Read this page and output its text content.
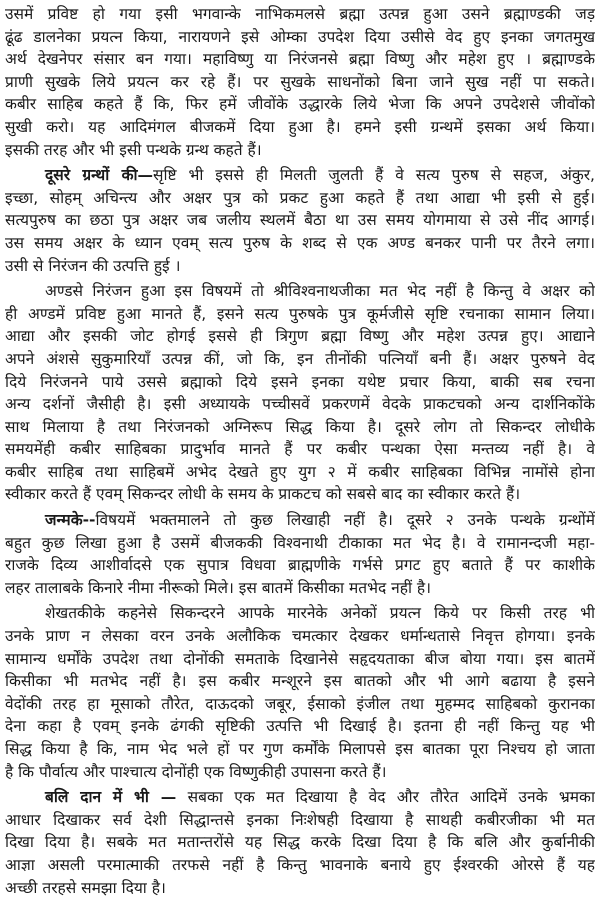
उसमें प्रविष्ट हो गया इसी भगवान्के नाभिकमलसे ब्रह्मा उत्पन्न हुआ उसने ब्रह्माण्डकी जड़
ढूंढ डालनेका प्रयत्न किया, नारायणने इसे ओम्का उपदेश दिया उसीसे वेद हुए इनका जगतमुख
अर्थ देखनेपर संसार बन गया। महाविष्णु या निरंजनसे ब्रह्मा विष्णु और महेश हुए । ब्रह्माण्डके
प्राणी सुखके लिये प्रयत्न कर रहे हैं। पर सुखके साधनोंको बिना जाने सुख नहीं पा सकते।
कबीर साहिब कहते हैं कि, फिर हमें जीवोंके उद्धारके लिये भेजा कि अपने उपदेशसे जीवोंको
सुखी करो। यह आदिमंगल बीजकमें दिया हुआ है। हमने इसी ग्रन्थमें इसका अर्थ किया।
इसकी तरह और भी इसी पन्थके ग्रन्थ कहते हैं।
दूसरे ग्रन्थों की—सृष्टि भी इससे ही मिलती जुलती हैं वे सत्य पुरुष से सहज, अंकुर,
इच्छा, सोहम् अचिन्त्य और अक्षर पुत्र को प्रकट हुआ कहते हैं तथा आद्या भी इसी से हुई।
सत्यपुरुष का छठा पुत्र अक्षर जब जलीय स्थलमें बैठा था उस समय योगमाया से उसे नींद आगई।
उस समय अक्षर के ध्यान एवम् सत्य पुरुष के शब्द से एक अण्ड बनकर पानी पर तैरने लगा।
उसी से निरंजन की उत्पत्ति हुई ।
अण्डसे निरंजन हुआ इस विषयमें तो श्रीविश्वनाथजीका मत भेद नहीं है किन्तु वे अक्षर को
ही अण्डमें प्रविष्ट हुआ मानते हैं, इसने सत्य पुरुषके पुत्र कूर्मजीसे सृष्टि रचनाका सामान लिया।
आद्या और इसकी जोट होगई इससे ही त्रिगुण ब्रह्मा विष्णु और महेश उत्पन्न हुए। आद्याने
अपने अंशसे सुकुमारियाँ उत्पन्न कीं, जो कि, इन तीनोंकी पत्नियाँ बनी हैं। अक्षर पुरुषने वेद
दिये निरंजनने पाये उससे ब्रह्माको दिये इसने इनका यथेष्ट प्रचार किया, बाकी सब रचना
अन्य दर्शनों जैसीही है। इसी अध्यायके पच्चीसवें प्रकरणमें वेदके प्राकटचको अन्य दार्शनिकोंके
साथ मिलाया है तथा निरंजनको अग्निरूप सिद्ध किया है। दूसरे लोग तो सिकन्दर लोधीके
समयमेंही कबीर साहिबका प्रादुर्भाव मानते हैं पर कबीर पन्थका ऐसा मन्तव्य नहीं है। वे
कबीर साहिब तथा साहिबमें अभेद देखते हुए युग २ में कबीर साहिबका विभिन्न नामोंसे होना
स्वीकार करते हैं एवम् सिकन्दर लोधी के समय के प्राकटच को सबसे बाद का स्वीकार करते हैं।
जन्मके--विषयमें भक्तमालने तो कुछ लिखाही नहीं है। दूसरे २ उनके पन्थके ग्रन्थोंमें
बहुत कुछ लिखा हुआ है उसमें बीजककी विश्वनाथी टीकाका मत भेद है। वे रामानन्दजी महा-
राजके दिव्य आशीर्वादसे एक सुपात्र विधवा ब्राह्मणीके गर्भसे प्रगट हुए बताते हैं पर काशीके
लहर तालाबके किनारे नीमा नीरूको मिले। इस बातमें किसीका मतभेद नहीं है।
शेखतकीके कहनेसे सिकन्दरने आपके मारनेके अनेकों प्रयत्न किये पर किसी तरह भी
उनके प्राण न लेसका वरन उनके अलौकिक चमत्कार देखकर धर्मान्धतासे निवृत्त होगया। इनके
सामान्य धर्मोंके उपदेश तथा दोनोंकी समताके दिखानेसे सहृदयताका बीज बोया गया। इस बातमें
किसीका भी मतभेद नहीं है। इस कबीर मन्शूरने इस बातको और भी आगे बढाया है इसने
वेदोंकी तरह हा मूसाको तौरेत, दाऊदको जबूर, ईसाको इंजील तथा मुहम्मद साहिबको कुरानका
देना कहा है एवम् इनके ढंगकी सृष्टिकी उत्पत्ति भी दिखाई है। इतना ही नहीं किन्तु यह भी
सिद्ध किया है कि, नाम भेद भले हों पर गुण कर्मोंके मिलापसे इस बातका पूरा निश्चय हो जाता
है कि पौर्वात्य और पाश्चात्य दोनोंही एक विष्णुकीही उपासना करते हैं।
बलि दान में भी — सबका एक मत दिखाया है वेद और तौरेत आदिमें उनके भ्रमका
आधार दिखाकर सर्व देशी सिद्धान्तसे इनका निःशेषही दिखाया है साथही कबीरजीका भी मत
दिखा दिया है। सबके मत मतान्तरोंसे यह सिद्ध करके दिखा दिया है कि बलि और कुर्बानीकी
आज्ञा असली परमात्माकी तरफसे नहीं है किन्तु भावनाके बनाये हुए ईश्वरकी ओरसे हैं यह
अच्छी तरहसे समझा दिया है।
